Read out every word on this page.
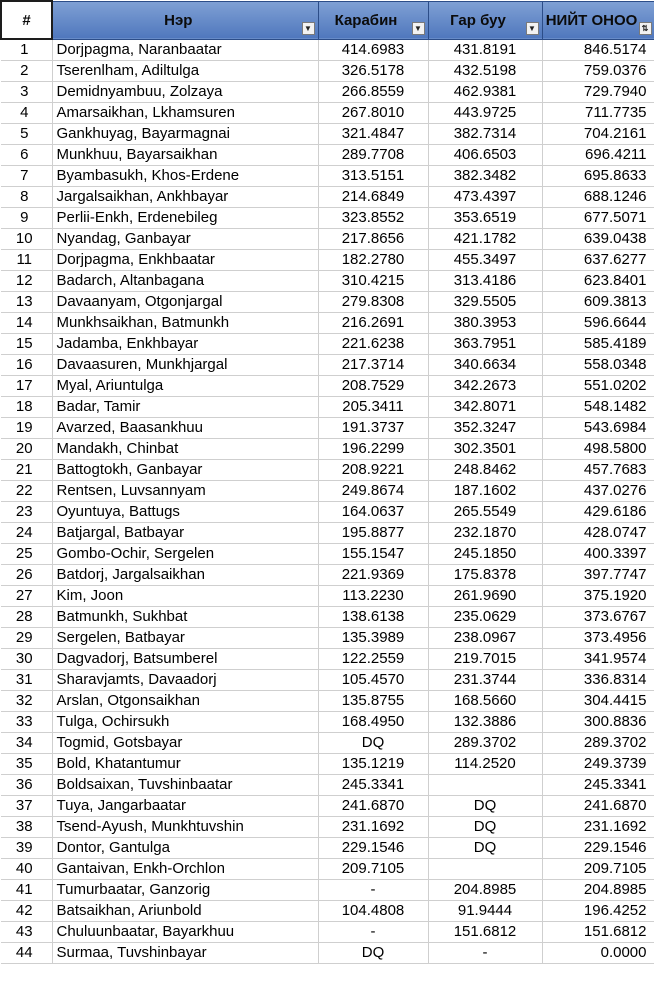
#	Нэр ▼	Карабин ▼	Гар буу ▼	НИЙТ ОНОО ⇅

1	Dorjpagma, Naranbaatar	414.6983	431.8191	846.5174
2	Tserenlham, Adiltulga	326.5178	432.5198	759.0376
3	Demidnyambuu, Zolzaya	266.8559	462.9381	729.7940
4	Amarsaikhan, Lkhamsuren	267.8010	443.9725	711.7735
5	Gankhuyag, Bayarmagnai	321.4847	382.7314	704.2161
6	Munkhuu, Bayarsaikhan	289.7708	406.6503	696.4211
7	Byambasukh, Khos-Erdene	313.5151	382.3482	695.8633
8	Jargalsaikhan, Ankhbayar	214.6849	473.4397	688.1246
9	Perlii-Enkh, Erdenebileg	323.8552	353.6519	677.5071
10	Nyandag, Ganbayar	217.8656	421.1782	639.0438
11	Dorjpagma, Enkhbaatar	182.2780	455.3497	637.6277
12	Badarch, Altanbagana	310.4215	313.4186	623.8401
13	Davaanyam, Otgonjargal	279.8308	329.5505	609.3813
14	Munkhsaikhan, Batmunkh	216.2691	380.3953	596.6644
15	Jadamba, Enkhbayar	221.6238	363.7951	585.4189
16	Davaasuren, Munkhjargal	217.3714	340.6634	558.0348
17	Myal, Ariuntulga	208.7529	342.2673	551.0202
18	Badar, Tamir	205.3411	342.8071	548.1482
19	Avarzed, Baasankhuu	191.3737	352.3247	543.6984
20	Mandakh, Chinbat	196.2299	302.3501	498.5800
21	Battogtokh, Ganbayar	208.9221	248.8462	457.7683
22	Rentsen, Luvsannyam	249.8674	187.1602	437.0276
23	Oyuntuya, Battugs	164.0637	265.5549	429.6186
24	Batjargal, Batbayar	195.8877	232.1870	428.0747
25	Gombo-Ochir, Sergelen	155.1547	245.1850	400.3397
26	Batdorj, Jargalsaikhan	221.9369	175.8378	397.7747
27	Kim, Joon	113.2230	261.9690	375.1920
28	Batmunkh, Sukhbat	138.6138	235.0629	373.6767
29	Sergelen, Batbayar	135.3989	238.0967	373.4956
30	Dagvadorj, Batsumberel	122.2559	219.7015	341.9574
31	Sharavjamts, Davaadorj	105.4570	231.3744	336.8314
32	Arslan, Otgonsaikhan	135.8755	168.5660	304.4415
33	Tulga, Ochirsukh	168.4950	132.3886	300.8836
34	Togmid, Gotsbayar	DQ	289.3702	289.3702
35	Bold, Khatantumur	135.1219	114.2520	249.3739
36	Boldsaixan, Tuvshinbaatar	245.3341		245.3341
37	Tuya, Jangarbaatar	241.6870	DQ	241.6870
38	Tsend-Ayush, Munkhtuvshin	231.1692	DQ	231.1692
39	Dontor, Gantulga	229.1546	DQ	229.1546
40	Gantaivan, Enkh-Orchlon	209.7105		209.7105
41	Tumurbaatar, Ganzorig	-	204.8985	204.8985
42	Batsaikhan, Ariunbold	104.4808	91.9444	196.4252
43	Chuluunbaatar, Bayarkhuu	-	151.6812	151.6812
44	Surmaa, Tuvshinbayar	DQ	-	0.0000
